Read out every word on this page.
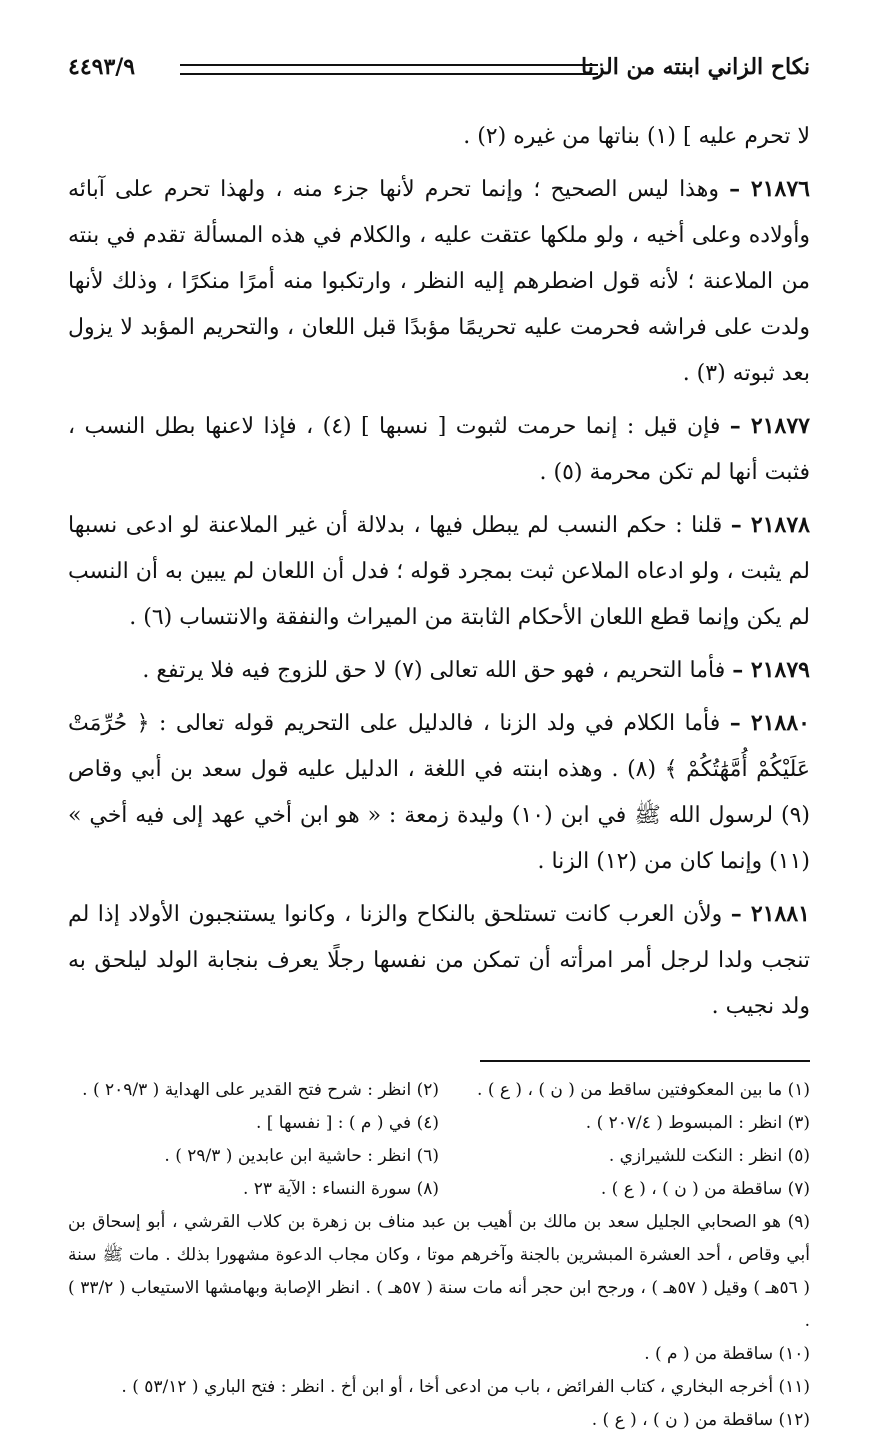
نكاح الزاني ابنته من الزنا
٤٤٩٣/٩

لا تحرم عليه ] (١) بناتها من غيره (٢) .

٢١٨٧٦ – وهذا ليس الصحيح ؛ وإنما تحرم لأنها جزء منه ، ولهذا تحرم على آبائه وأولاده وعلى أخيه ، ولو ملكها عتقت عليه ، والكلام في هذه المسألة تقدم في بنته من الملاعنة ؛ لأنه قول اضطرهم إليه النظر ، وارتكبوا منه أمرًا منكرًا ، وذلك لأنها ولدت على فراشه فحرمت عليه تحريمًا مؤبدًا قبل اللعان ، والتحريم المؤبد لا يزول بعد ثبوته (٣) .

٢١٨٧٧ – فإن قيل : إنما حرمت لثبوت [ نسبها ] (٤) ، فإذا لاعنها بطل النسب ، فثبت أنها لم تكن محرمة (٥) .

٢١٨٧٨ – قلنا : حكم النسب لم يبطل فيها ، بدلالة أن غير الملاعنة لو ادعى نسبها لم يثبت ، ولو ادعاه الملاعن ثبت بمجرد قوله ؛ فدل أن اللعان لم يبين به أن النسب لم يكن وإنما قطع اللعان الأحكام الثابتة من الميراث والنفقة والانتساب (٦) .

٢١٨٧٩ – فأما التحريم ، فهو حق الله تعالى (٧) لا حق للزوج فيه فلا يرتفع .

٢١٨٨٠ – فأما الكلام في ولد الزنا ، فالدليل على التحريم قوله تعالى : ﴿ حُرِّمَتْ عَلَيْكُمْ أُمَّهَٰتُكُمْ ﴾ (٨) . وهذه ابنته في اللغة ، الدليل عليه قول سعد بن أبي وقاص (٩) لرسول الله ﷺ في ابن (١٠) وليدة زمعة : « هو ابن أخي عهد إلى فيه أخي » (١١) وإنما كان من (١٢) الزنا .

٢١٨٨١ – ولأن العرب كانت تستلحق بالنكاح والزنا ، وكانوا يستنجبون الأولاد إذا لم تنجب ولدا لرجل أمر امرأته أن تمكن من نفسها رجلًا يعرف بنجابة الولد ليلحق به ولد نجيب .

(١) ما بين المعكوفتين ساقط من ( ن ) ، ( ع ) .
(٢) انظر : شرح فتح القدير على الهداية ( ٢٠٩/٣ ) .
(٣) انظر : المبسوط ( ٢٠٧/٤ ) .
(٤) في ( م ) : [ نفسها ] .
(٥) انظر : النكت للشيرازي .
(٦) انظر : حاشية ابن عابدين ( ٢٩/٣ ) .
(٧) ساقطة من ( ن ) ، ( ع ) .
(٨) سورة النساء : الآية ٢٣ .

(٩) هو الصحابي الجليل سعد بن مالك بن أهيب بن عبد مناف بن زهرة بن كلاب القرشي ، أبو إسحاق بن أبي وقاص ، أحد العشرة المبشرين بالجنة وآخرهم موتا ، وكان مجاب الدعوة مشهورا بذلك . مات ﷺ سنة ( ٥٦هـ ) وقيل ( ٥٧هـ ) ، ورجح ابن حجر أنه مات سنة ( ٥٧هـ ) . انظر الإصابة وبهامشها الاستيعاب ( ٣٣/٢ ) .

(١٠) ساقطة من ( م ) .

(١١) أخرجه البخاري ، كتاب الفرائض ، باب من ادعى أخا ، أو ابن أخ . انظر : فتح الباري ( ٥٣/١٢ ) .

(١٢) ساقطة من ( ن ) ، ( ع ) .
